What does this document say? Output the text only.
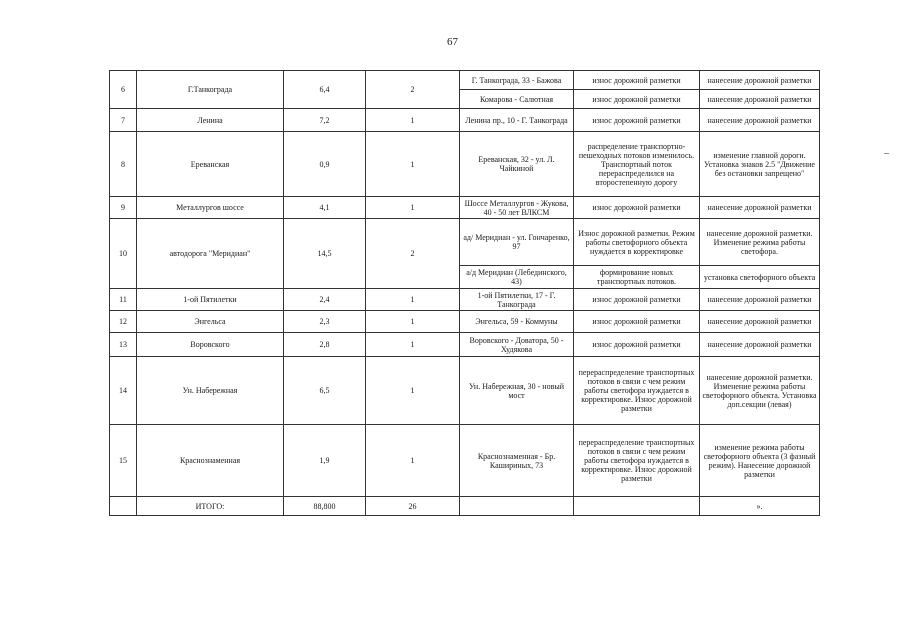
67
–
6	Г.Танкограда	6,4	2	Г. Танкограда, 33 - Бажова	износ дорожной разметки	нанесение дорожной разметки
				Комарова - Салютная	износ дорожной разметки	нанесение дорожной разметки
7	Ленина	7,2	1	Ленина пр., 10 - Г. Танкограда	износ дорожной разметки	нанесение дорожной разметки
8	Ереванская	0,9	1	Ереванская, 32 - ул. Л. Чайкиной	распределение транспортно-пешеходных потоков изменилось. Транспортный поток перераспределился на второстепенную дорогу	изменение главной дороги. Установка знаков 2.5 "Движение без остановки запрещено"
9	Металлургов шоссе	4,1	1	Шоссе Металлургов - Жукова, 40 - 50 лет ВЛКСМ	износ дорожной разметки	нанесение дорожной разметки
10	автодорога "Меридиан"	14,5	2	ад/ Меридиан - ул. Гончаренко, 97	Износ дорожной разметки. Режим работы светофорного объекта нуждается в корректировке	нанесение дорожной разметки. Изменение режима работы светофора.
				а/д Меридиан (Лебединского, 43)	формирование новых транспортных потоков.	установка светофорного объекта
11	1-ой Пятилетки	2,4	1	1-ой Пятилетки, 17 - Г. Танкограда	износ дорожной разметки	нанесение дорожной разметки
12	Энгельса	2,3	1	Энгельса, 59 - Коммуны	износ дорожной разметки	нанесение дорожной разметки
13	Воровского	2,8	1	Воровского - Доватора, 50 - Худякова	износ дорожной разметки	нанесение дорожной разметки
14	Ун. Набережная	6,5	1	Ун. Набережная, 30 - новый мост	перераспределение транспортных потоков в связи с чем режим работы светофора нуждается в корректировке. Износ дорожной разметки	нанесение дорожной разметки. Изменение режима работы светофорного объекта. Установка доп.секции (левая)
15	Краснознаменная	1,9	1	Краснознаменная - Бр. Кашириных, 73	перераспределение транспортных потоков в связи с чем режим работы светофора нуждается в корректировке. Износ дорожной разметки	изменение режима работы светофорного объекта (3 фазный режим). Нанесение дорожной разметки
	ИТОГО:	88,800	26			».
